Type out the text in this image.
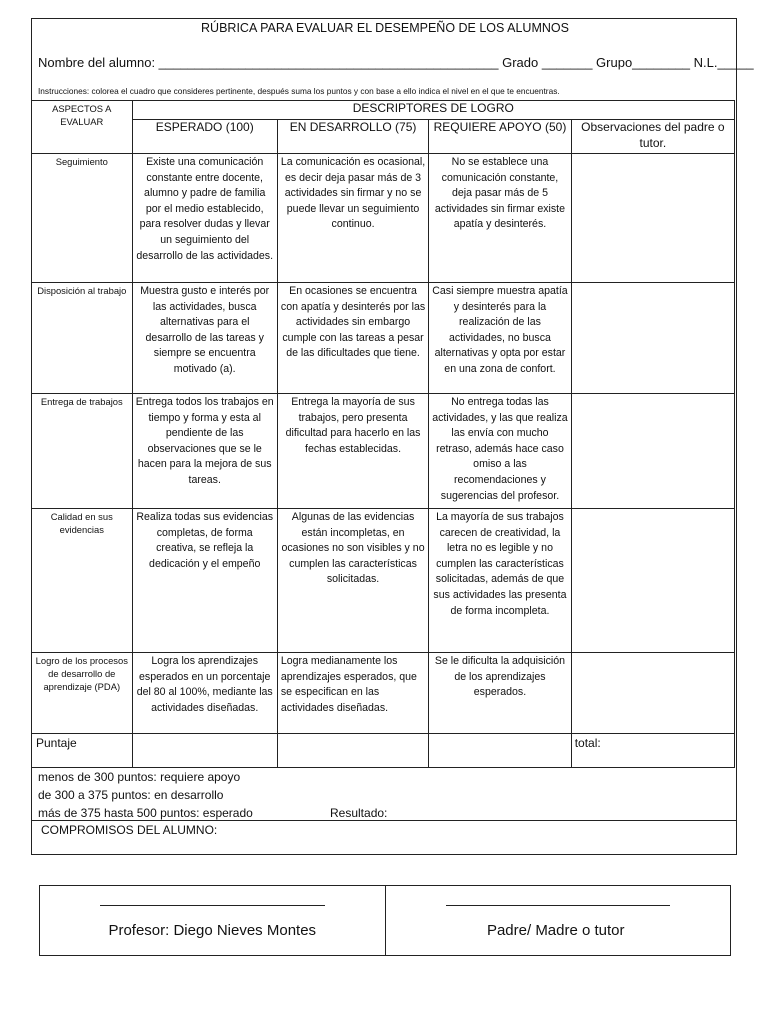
RÚBRICA PARA EVALUAR EL DESEMPEÑO DE LOS ALUMNOS
Nombre del alumno: _______________________________________________ Grado _______ Grupo________ N.L._____
Instrucciones: colorea el cuadro que consideres pertinente, después suma los puntos y con base a ello indica el nivel en el que te encuentras.
ASPECTOS A EVALUAR	DESCRIPTORES DE LOGRO			
	ESPERADO (100)	EN DESARROLLO (75)	REQUIERE APOYO (50)	Observaciones del padre o tutor.
Seguimiento	Existe una comunicación constante entre docente, alumno y padre de familia por el medio establecido, para resolver dudas y llevar un seguimiento del desarrollo de las actividades.	La comunicación es ocasional, es decir deja pasar más de 3 actividades sin firmar y no se puede llevar un seguimiento continuo.	No se establece una comunicación constante, deja pasar más de 5 actividades sin firmar existe apatía y desinterés.	
Disposición al trabajo	Muestra gusto e interés por las actividades, busca alternativas para el desarrollo de las tareas y siempre se encuentra motivado (a).	En ocasiones se encuentra con apatía y desinterés por las actividades sin embargo cumple con las tareas a pesar de las dificultades que tiene.	Casi siempre muestra apatía y desinterés para la realización de las actividades, no busca alternativas y opta por estar en una zona de confort.	
Entrega de trabajos	Entrega todos los trabajos en tiempo y forma y esta al pendiente de las observaciones que se le hacen para la mejora de sus tareas.	Entrega la mayoría de sus trabajos, pero presenta dificultad para hacerlo en las fechas establecidas.	No entrega todas las actividades, y las que realiza las envía con mucho retraso, además hace caso omiso a las recomendaciones y sugerencias del profesor.	
Calidad en sus evidencias	Realiza todas sus evidencias completas, de forma creativa, se refleja la dedicación y el empeño	Algunas de las evidencias están incompletas, en ocasiones no son visibles y no cumplen las características solicitadas.	La mayoría de sus trabajos carecen de creatividad, la letra no es legible y no cumplen las características solicitadas, además de que sus actividades las presenta de forma incompleta.	
Logro de los procesos de desarrollo de aprendizaje (PDA)	Logra los aprendizajes esperados en un porcentaje del 80 al 100%, mediante las actividades diseñadas.	Logra medianamente los aprendizajes esperados, que se especifican en las actividades diseñadas.	Se le dificulta la adquisición de los aprendizajes esperados.	
Puntaje				total:
menos de 300 puntos: requiere apoyo
de 300 a 375 puntos: en desarrollo
más de 375 hasta 500 puntos: esperado	Resultado:
COMPROMISOS DEL ALUMNO:
Profesor: Diego Nieves Montes	Padre/ Madre o tutor
